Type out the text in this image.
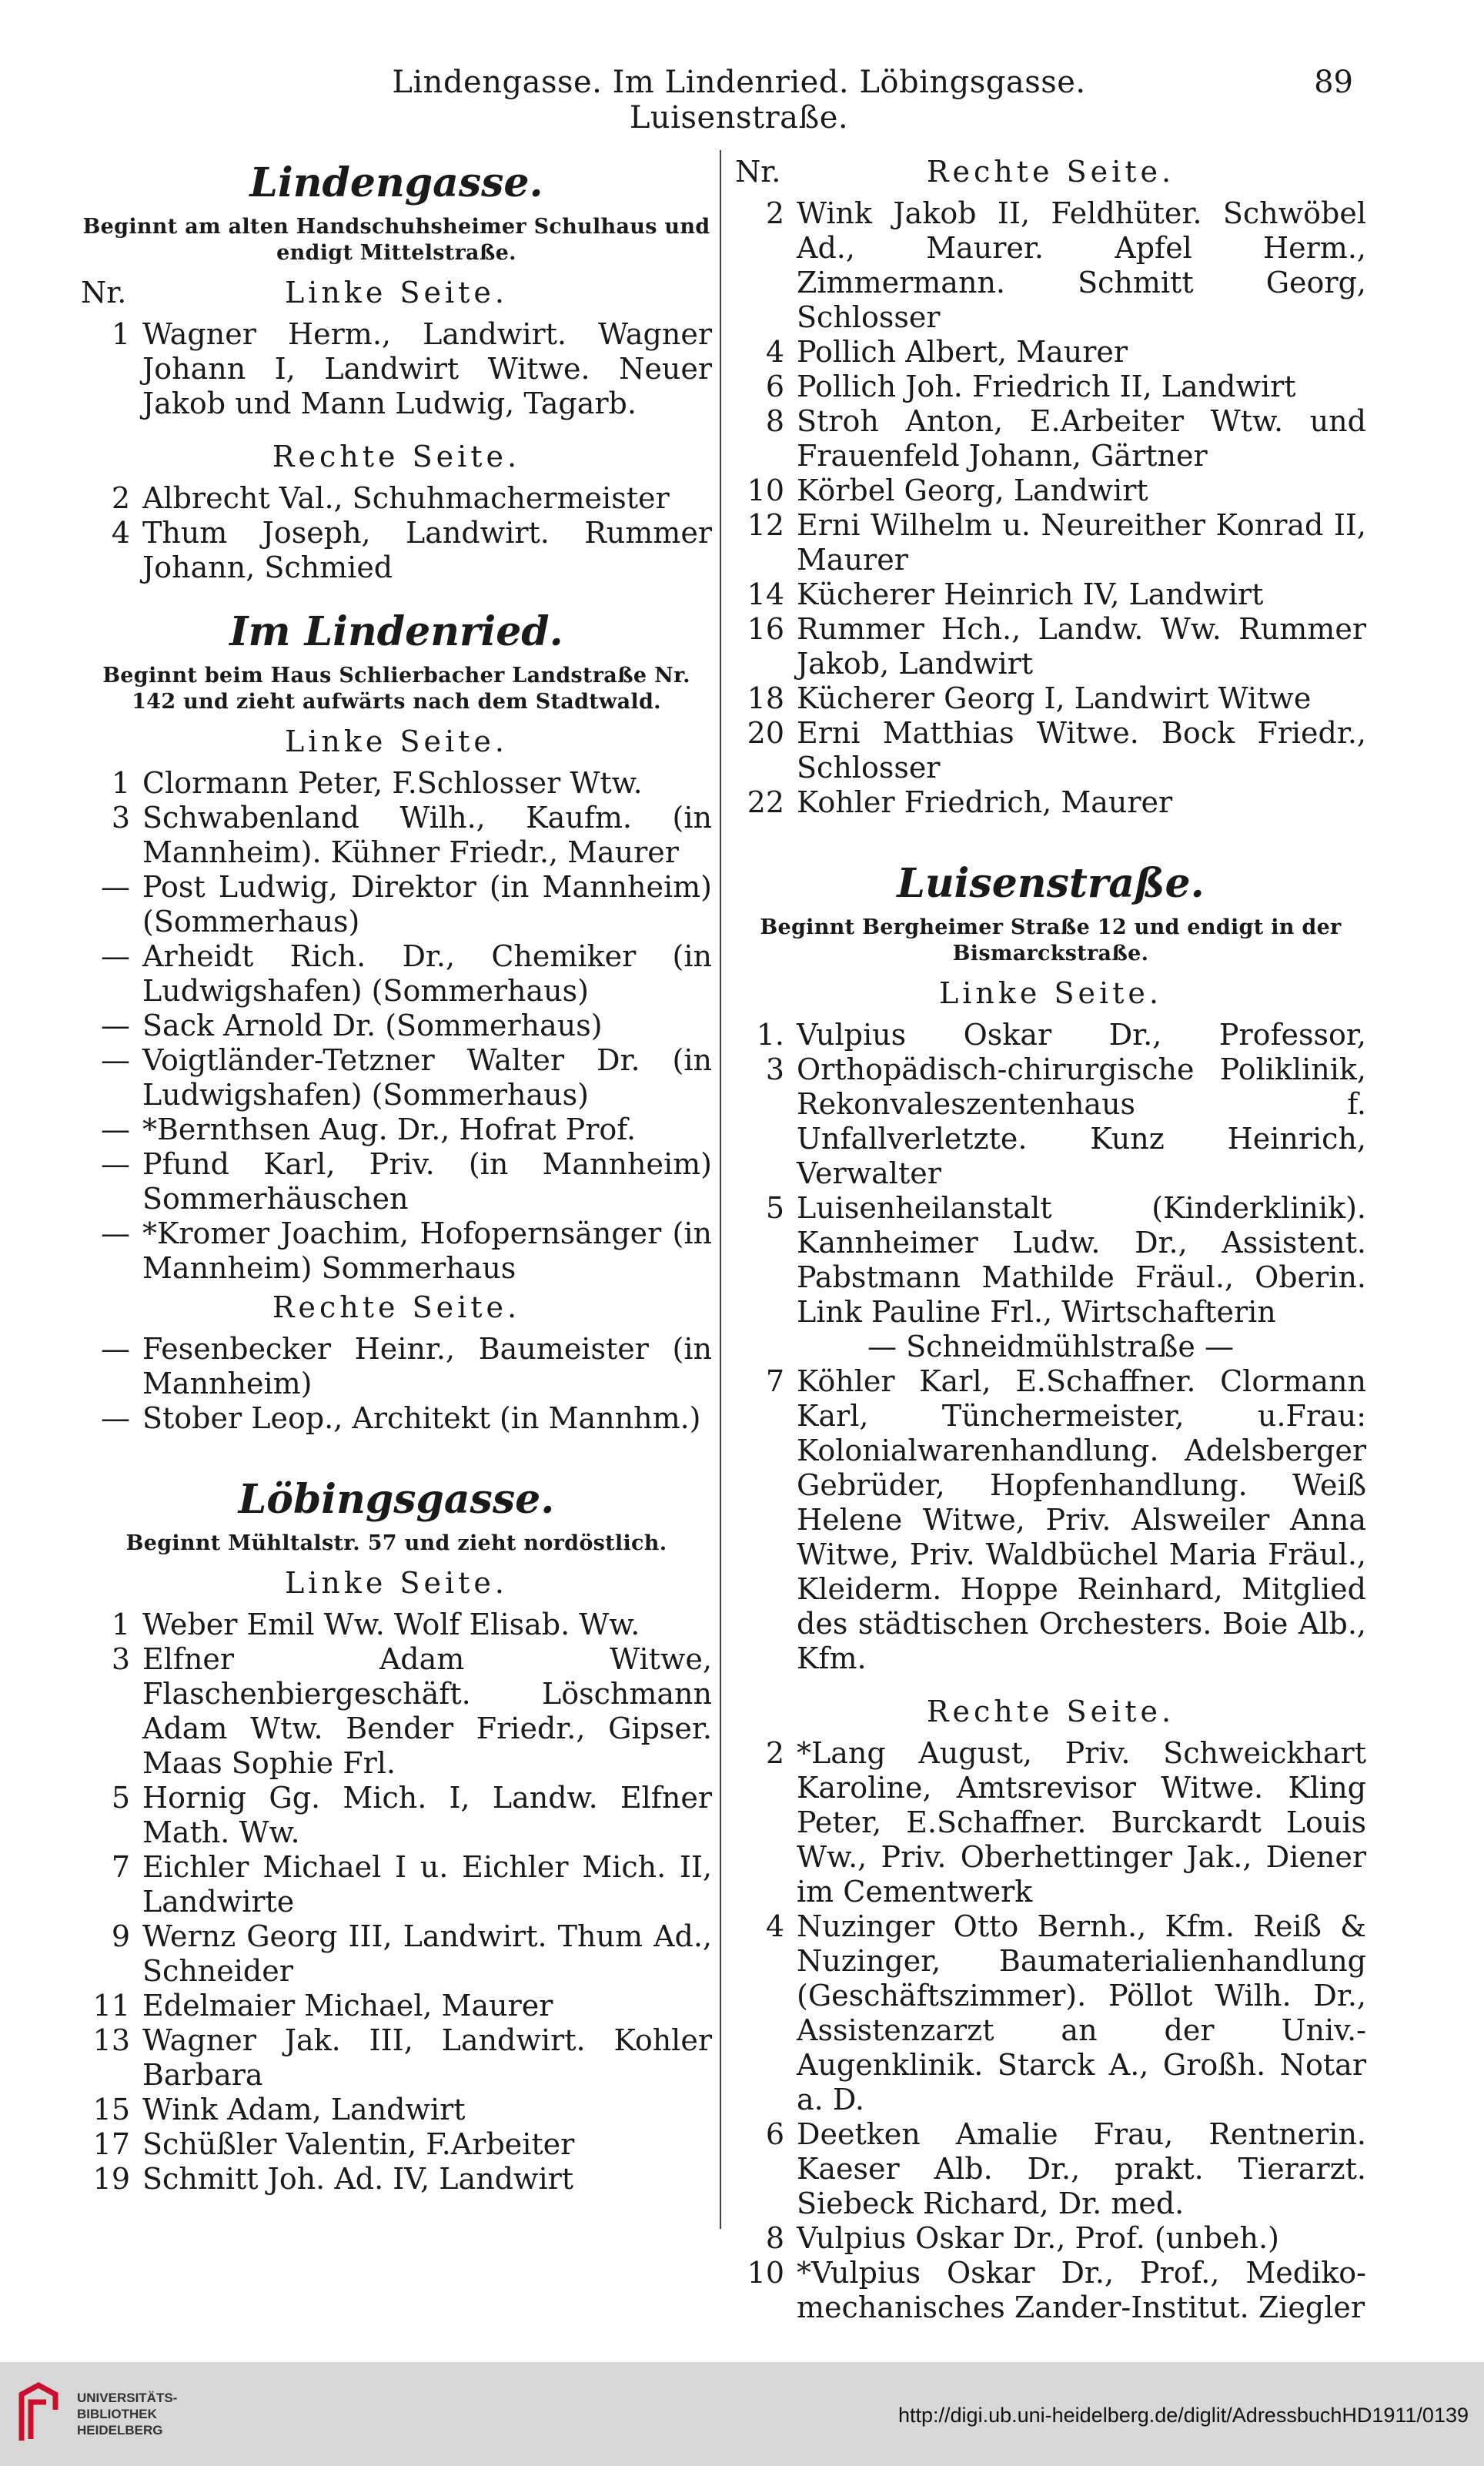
Lindengasse. Im Lindenried. Löbingsgasse. Luisenstraße.
89
Lindengasse.
Beginnt am alten Handschuhsheimer Schulhaus und endigt Mittelstraße.
Nr.	Linke Seite.
1 Wagner Herm., Landwirt. Wagner Johann I, Landwirt Witwe. Neuer Jakob und Mann Ludwig, Tagarb.
Rechte Seite.
2 Albrecht Val., Schuhmachermeister
4 Thum Joseph, Landwirt. Rummer Johann, Schmied
Im Lindenried.
Beginnt beim Haus Schlierbacher Landstraße Nr. 142 und zieht aufwärts nach dem Stadtwald.
Linke Seite.
1 Clormann Peter, F.Schlosser Wtw.
3 Schwabenland Wilh., Kaufm. (in Mannheim). Kühner Friedr., Maurer
— Post Ludwig, Direktor (in Mannheim) (Sommerhaus)
— Arheidt Rich. Dr., Chemiker (in Ludwigshafen) (Sommerhaus)
— Sack Arnold Dr. (Sommerhaus)
— Voigtländer-Tetzner Walter Dr. (in Ludwigshafen) (Sommerhaus)
— *Bernthsen Aug. Dr., Hofrat Prof.
— Pfund Karl, Priv. (in Mannheim) Sommerhäuschen
— *Kromer Joachim, Hofopernsänger (in Mannheim) Sommerhaus
Rechte Seite.
— Fesenbecker Heinr., Baumeister (in Mannheim)
— Stober Leop., Architekt (in Mannhm.)
Löbingsgasse.
Beginnt Mühltalstr. 57 und zieht nordöstlich.
Linke Seite.
1 Weber Emil Ww. Wolf Elisab. Ww.
3 Elfner Adam Witwe, Flaschenbiergeschäft. Löschmann Adam Wtw. Bender Friedr., Gipser. Maas Sophie Frl.
5 Hornig Gg. Mich. I, Landw. Elfner Math. Ww.
7 Eichler Michael I u. Eichler Mich. II, Landwirte
9 Wernz Georg III, Landwirt. Thum Ad., Schneider
11 Edelmaier Michael, Maurer
13 Wagner Jak. III, Landwirt. Kohler Barbara
15 Wink Adam, Landwirt
17 Schüßler Valentin, F.Arbeiter
19 Schmitt Joh. Ad. IV, Landwirt
Nr.	Rechte Seite.
2 Wink Jakob II, Feldhüter. Schwöbel Ad., Maurer. Apfel Herm., Zimmermann. Schmitt Georg, Schlosser
4 Pollich Albert, Maurer
6 Pollich Joh. Friedrich II, Landwirt
8 Stroh Anton, E.Arbeiter Wtw. und Frauenfeld Johann, Gärtner
10 Körbel Georg, Landwirt
12 Erni Wilhelm u. Neureither Konrad II, Maurer
14 Kücherer Heinrich IV, Landwirt
16 Rummer Hch., Landw. Ww. Rummer Jakob, Landwirt
18 Kücherer Georg I, Landwirt Witwe
20 Erni Matthias Witwe. Bock Friedr., Schlosser
22 Kohler Friedrich, Maurer
Luisenstraße.
Beginnt Bergheimer Straße 12 und endigt in der Bismarckstraße.
Linke Seite.
1. 3
Vulpius Oskar Dr., Professor, Orthopädisch-chirurgische Poliklinik, Rekonvaleszentenhaus f. Unfallverletzte. Kunz Heinrich, Verwalter
5 Luisenheilanstalt (Kinderklinik). Kannheimer Ludw. Dr., Assistent. Pabstmann Mathilde Fräul., Oberin. Link Pauline Frl., Wirtschafterin
— Schneidmühlstraße —
7 Köhler Karl, E.Schaffner. Clormann Karl, Tünchermeister, u.Frau: Kolonialwarenhandlung. Adelsberger Gebrüder, Hopfenhandlung. Weiß Helene Witwe, Priv. Alsweiler Anna Witwe, Priv. Waldbüchel Maria Fräul., Kleiderm. Hoppe Reinhard, Mitglied des städtischen Orchesters. Boie Alb., Kfm.
Rechte Seite.
2 *Lang August, Priv. Schweickhart Karoline, Amtsrevisor Witwe. Kling Peter, E.Schaffner. Burckardt Louis Ww., Priv. Oberhettinger Jak., Diener im Cementwerk
4 Nuzinger Otto Bernh., Kfm. Reiß & Nuzinger, Baumaterialienhandlung (Geschäftszimmer). Pöllot Wilh. Dr., Assistenzarzt an der Univ.-Augenklinik. Starck A., Großh. Notar a. D.
6 Deetken Amalie Frau, Rentnerin. Kaeser Alb. Dr., prakt. Tierarzt. Siebeck Richard, Dr. med.
8 Vulpius Oskar Dr., Prof. (unbeh.)
10 *Vulpius Oskar Dr., Prof., Mediko-mechanisches Zander-Institut. Ziegler
UNIVERSITÄTS-
BIBLIOTHEK
HEIDELBERG
http://digi.ub.uni-heidelberg.de/diglit/AdressbuchHD1911/0139
